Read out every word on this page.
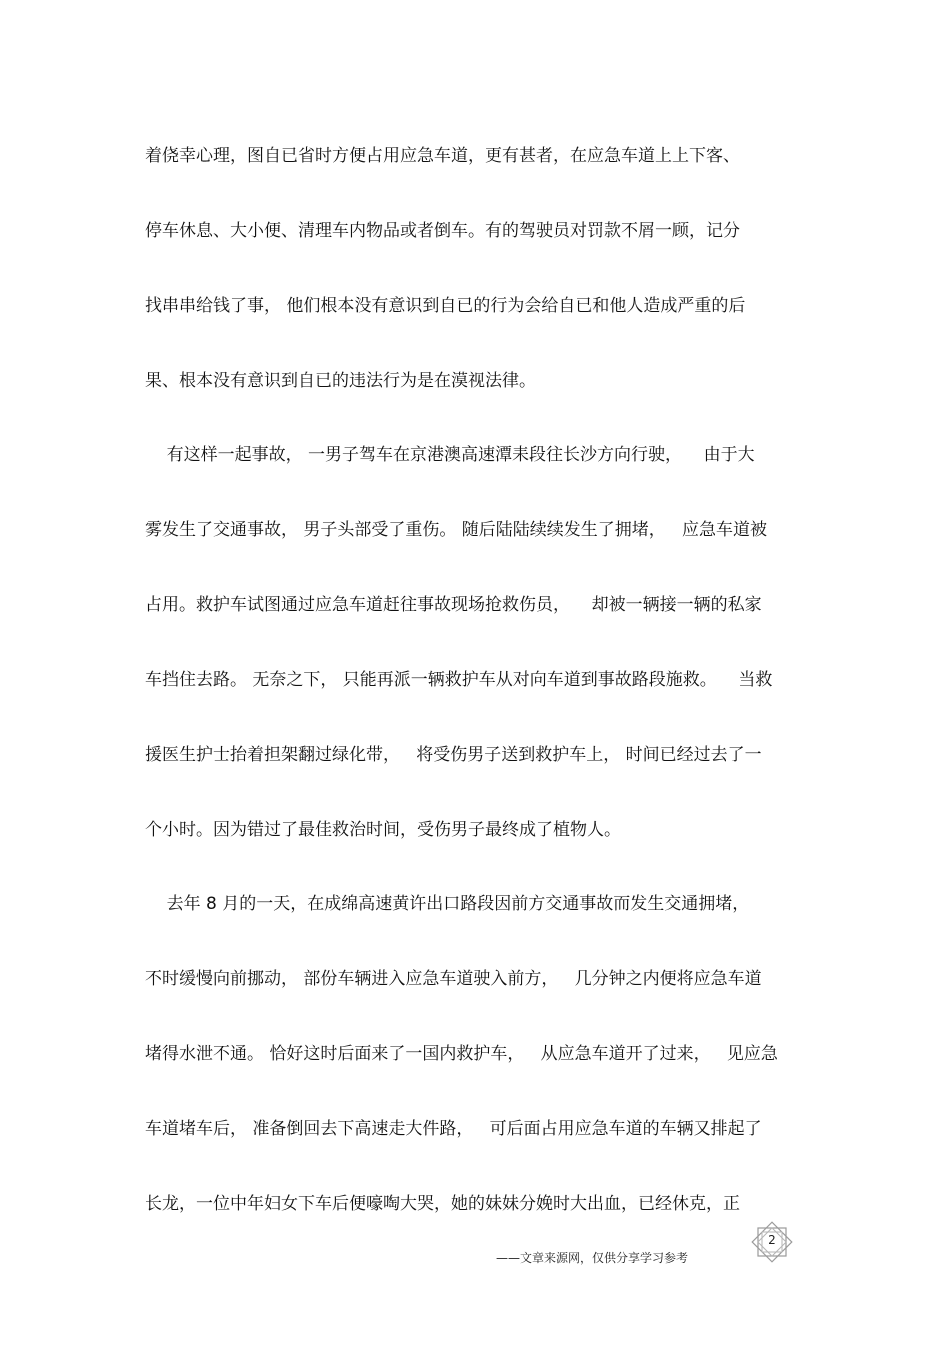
着侥幸心理，图自已省时方便占用应急车道，更有甚者，在应急车道上上下客、
停车休息、大小便、清理车内物品或者倒车。有的驾驶员对罚款不屑一顾，记分
找串串给钱了事， 他们根本没有意识到自已的行为会给自已和他人造成严重的后
果、根本没有意识到自已的违法行为是在漠视法律。
有这样一起事故， 一男子驾车在京港澳高速潭耒段往长沙方向行驶，    由于大
雾发生了交通事故， 男子头部受了重伤。 随后陆陆续续发生了拥堵，   应急车道被
占用。救护车试图通过应急车道赶往事故现场抢救伤员，    却被一辆接一辆的私家
车挡住去路。 无奈之下， 只能再派一辆救护车从对向车道到事故路段施救。    当救
援医生护士抬着担架翻过绿化带，   将受伤男子送到救护车上， 时间已经过去了一
个小时。因为错过了最佳救治时间，受伤男子最终成了植物人。
去年 8 月的一天，在成绵高速黄许出口路段因前方交通事故而发生交通拥堵，
不时缓慢向前挪动， 部份车辆进入应急车道驶入前方，   几分钟之内便将应急车道
堵得水泄不通。 恰好这时后面来了一国内救护车，   从应急车道开了过来，   见应急
车道堵车后， 准备倒回去下高速走大件路，   可后面占用应急车道的车辆又排起了
长龙，一位中年妇女下车后便嚎啕大哭，她的妹妹分娩时大出血，已经休克，正
2
——文章来源网，仅供分享学习参考
